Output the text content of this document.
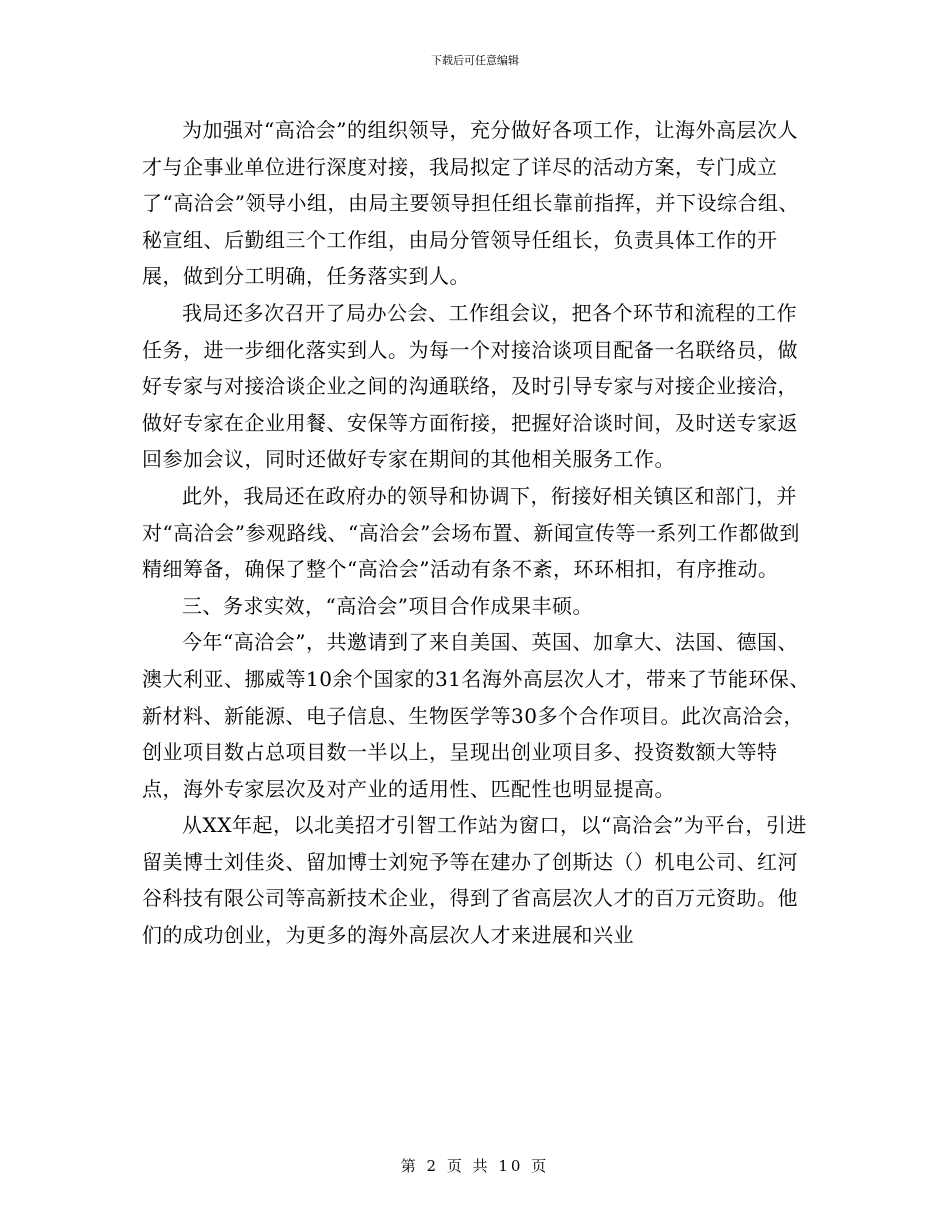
下载后可任意编辑

为加强对“高洽会”的组织领导，充分做好各项工作，让海外高层次人才与企事业单位进行深度对接，我局拟定了详尽的活动方案，专门成立了“高洽会”领导小组，由局主要领导担任组长靠前指挥，并下设综合组、秘宣组、后勤组三个工作组，由局分管领导任组长，负责具体工作的开展，做到分工明确，任务落实到人。

我局还多次召开了局办公会、工作组会议，把各个环节和流程的工作任务，进一步细化落实到人。为每一个对接洽谈项目配备一名联络员，做好专家与对接洽谈企业之间的沟通联络，及时引导专家与对接企业接洽，做好专家在企业用餐、安保等方面衔接，把握好洽谈时间，及时送专家返回参加会议，同时还做好专家在期间的其他相关服务工作。

此外，我局还在政府办的领导和协调下，衔接好相关镇区和部门，并对“高洽会”参观路线、“高洽会”会场布置、新闻宣传等一系列工作都做到精细筹备，确保了整个“高洽会”活动有条不紊，环环相扣，有序推动。

三、务求实效，“高洽会”项目合作成果丰硕。

今年“高洽会”，共邀请到了来自美国、英国、加拿大、法国、德国、澳大利亚、挪威等10余个国家的31名海外高层次人才，带来了节能环保、新材料、新能源、电子信息、生物医学等30多个合作项目。此次高洽会，创业项目数占总项目数一半以上，呈现出创业项目多、投资数额大等特点，海外专家层次及对产业的适用性、匹配性也明显提高。

从XX年起，以北美招才引智工作站为窗口，以“高洽会”为平台，引进留美博士刘佳炎、留加博士刘宛予等在建办了创斯达（）机电公司、红河谷科技有限公司等高新技术企业，得到了省高层次人才的百万元资助。他们的成功创业，为更多的海外高层次人才来进展和兴业

第 2 页 共 10 页
